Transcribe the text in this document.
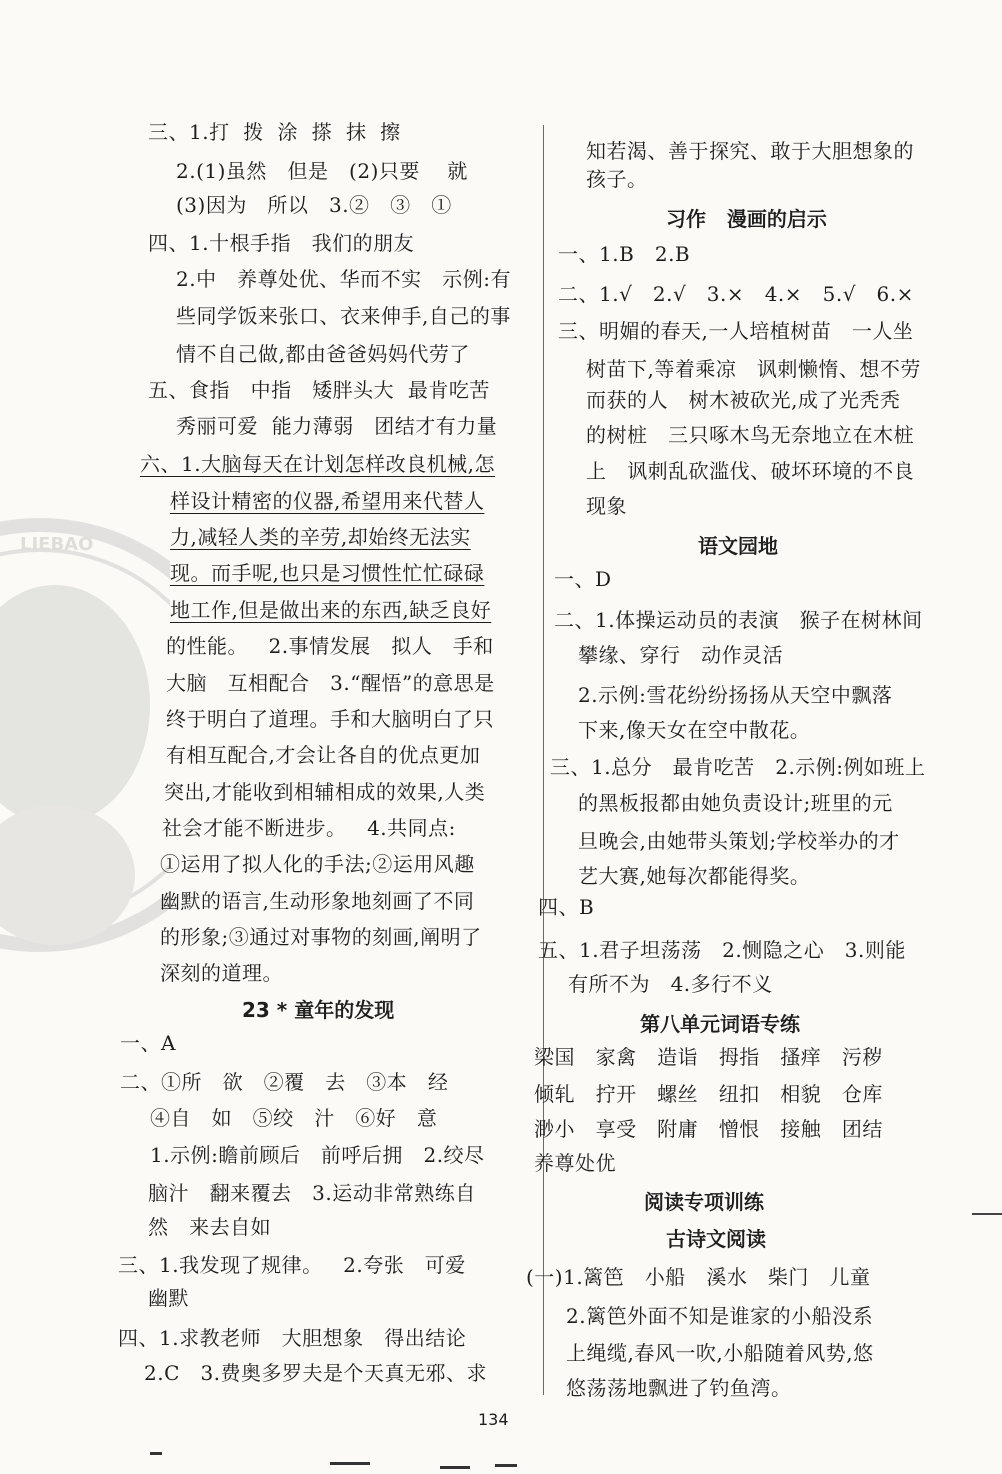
LIEBAO
三、1.打  拨  涂  搽  抹  擦
2.(1)虽然   但是   (2)只要    就
(3)因为   所以   3.②   ③   ①
四、1.十根手指   我们的朋友
2.中   养尊处优、华而不实   示例:有
些同学饭来张口、衣来伸手,自己的事
情不自己做,都由爸爸妈妈代劳了
五、食指   中指   矮胖头大  最肯吃苦
秀丽可爱  能力薄弱   团结才有力量
六、1.大脑每天在计划怎样改良机械,怎
样设计精密的仪器,希望用来代替人
力,减轻人类的辛劳,却始终无法实
现。而手呢,也只是习惯性忙忙碌碌
地工作,但是做出来的东西,缺乏良好
的性能。   2.事情发展   拟人   手和
大脑   互相配合   3.“醒悟”的意思是
终于明白了道理。手和大脑明白了只
有相互配合,才会让各自的优点更加
突出,才能收到相辅相成的效果,人类
社会才能不断进步。   4.共同点:
①运用了拟人化的手法;②运用风趣
幽默的语言,生动形象地刻画了不同
的形象;③通过对事物的刻画,阐明了
深刻的道理。
23 * 童年的发现
一、A
二、①所   欲   ②覆   去   ③本   经
④自   如   ⑤绞   汁   ⑥好   意
1.示例:瞻前顾后   前呼后拥   2.绞尽
脑汁   翻来覆去   3.运动非常熟练自
然   来去自如
三、1.我发现了规律。   2.夸张   可爱
幽默
四、1.求教老师   大胆想象   得出结论
2.C   3.费奥多罗夫是个天真无邪、求
知若渴、善于探究、敢于大胆想象的
孩子。
习作   漫画的启示
一、1.B   2.B
二、1.√   2.√   3.×   4.×   5.√   6.×
三、明媚的春天,一人培植树苗   一人坐
树苗下,等着乘凉   讽刺懒惰、想不劳
而获的人   树木被砍光,成了光秃秃
的树桩   三只啄木鸟无奈地立在木桩
上   讽刺乱砍滥伐、破坏环境的不良
现象
语文园地
一、D
二、1.体操运动员的表演   猴子在树林间
攀缘、穿行   动作灵活
2.示例:雪花纷纷扬扬从天空中飘落
下来,像天女在空中散花。
三、1.总分   最肯吃苦   2.示例:例如班上
的黑板报都由她负责设计;班里的元
旦晚会,由她带头策划;学校举办的才
艺大赛,她每次都能得奖。
四、B
五、1.君子坦荡荡   2.恻隐之心   3.则能
有所不为   4.多行不义
第八单元词语专练
梁国   家禽   造诣   拇指   搔痒   污秽
倾轧   拧开   螺丝   纽扣   相貌   仓库
渺小   享受   附庸   憎恨   接触   团结
养尊处优
阅读专项训练
古诗文阅读
(一)1.篱笆   小船   溪水   柴门   儿童
2.篱笆外面不知是谁家的小船没系
上绳缆,春风一吹,小船随着风势,悠
悠荡荡地飘进了钓鱼湾。
134
